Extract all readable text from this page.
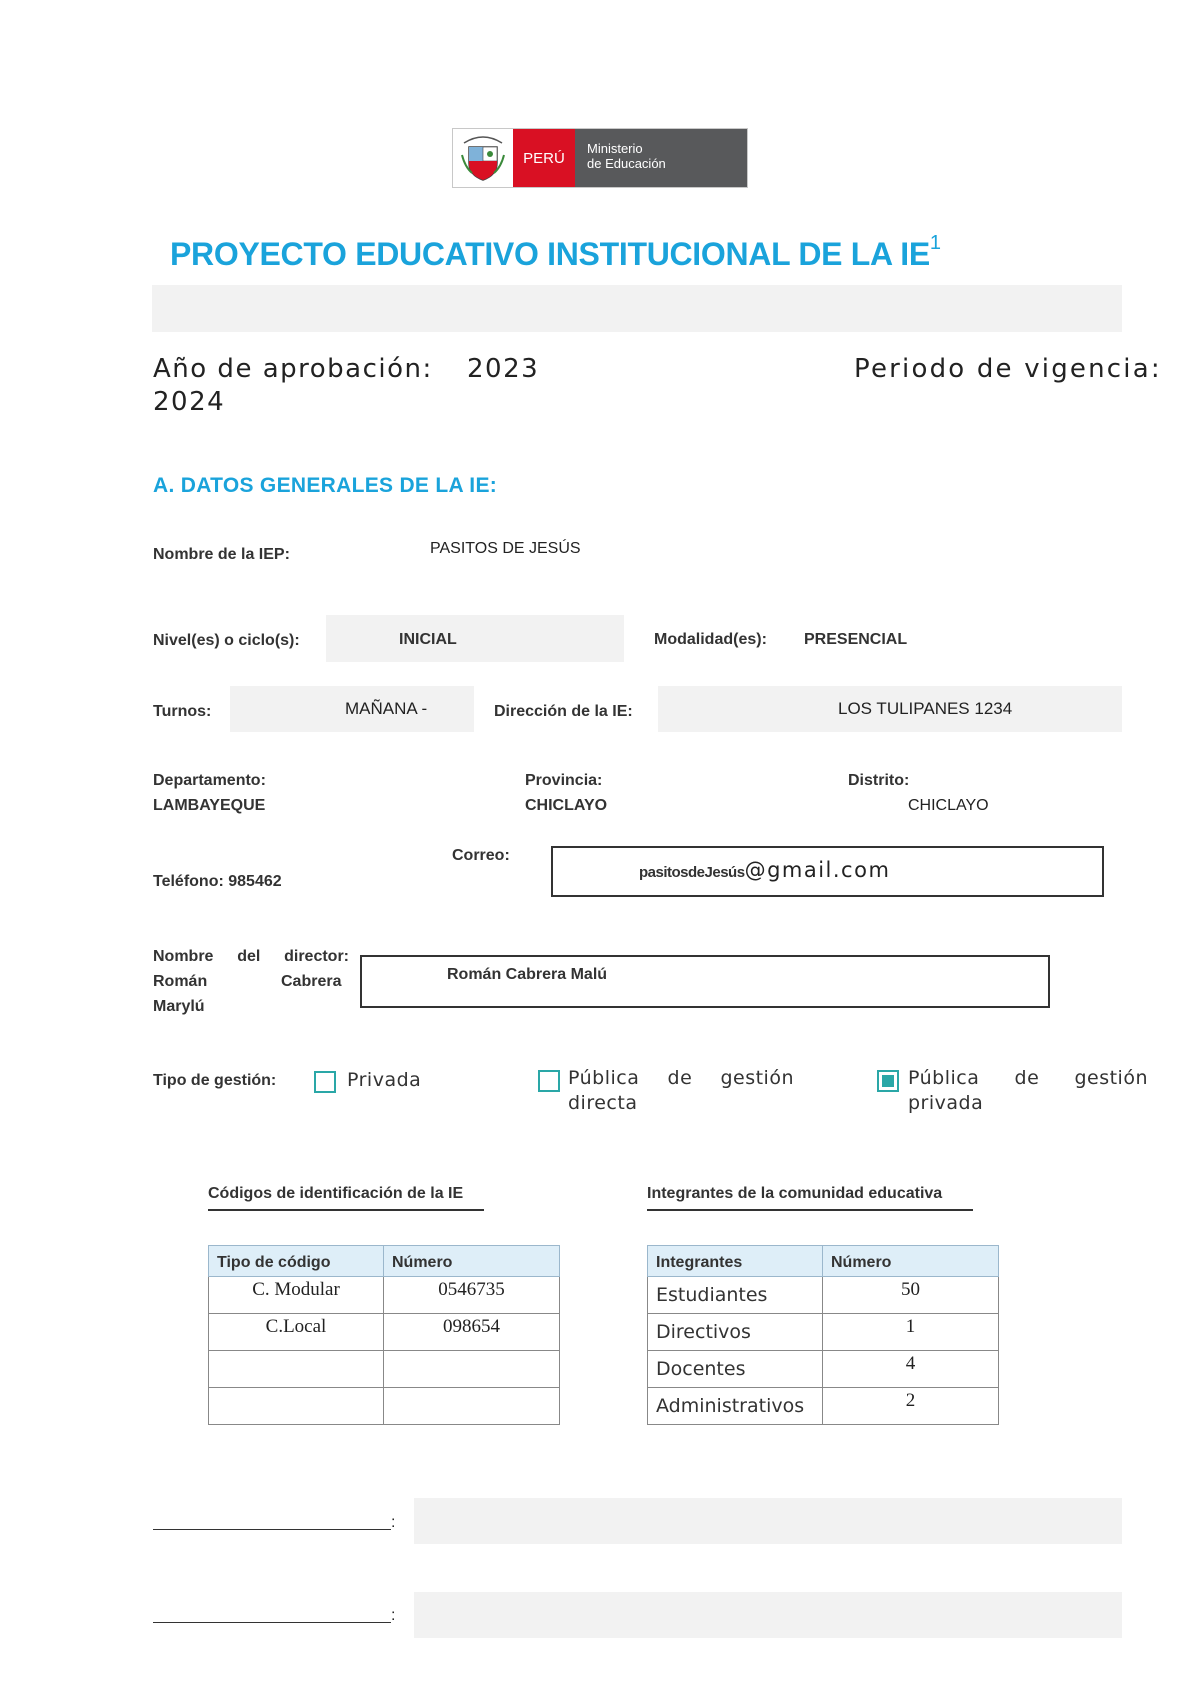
PERÚ
Ministerio
de Educación
PROYECTO EDUCATIVO INSTITUCIONAL DE LA $IE^1$
Año de aprobación: 2023	Periodo de vigencia:
2024
A. DATOS GENERALES DE LA IE:
Nombre de la IEP:	PASITOS DE JESÚS
Nivel(es) o ciclo(s):	INICIAL	Modalidad(es): PRESENCIAL
Turnos:	MAÑANA -	Dirección de la IE:	LOS TULIPANES 1234
Departamento:
LAMBAYEQUE
Provincia:
CHICLAYO
Distrito:
CHICLAYO
Correo:
pasitosdeJesús@gmail.com
Teléfono: 985462
Nombre del director:
Román	Cabrera
Marylú
Román Cabrera Malú
Tipo de gestión:	Privada	Pública de gestión
directa
Pública de gestión
privada
Códigos de identificación de la IE	Integrantes de la comunidad educativa
Tipo de código	Número
C. Modular	0546735
C.Local	098654

Integrantes	Número
Estudiantes	50
Directivos	1
Docentes	4
Administrativos	2
:
:
